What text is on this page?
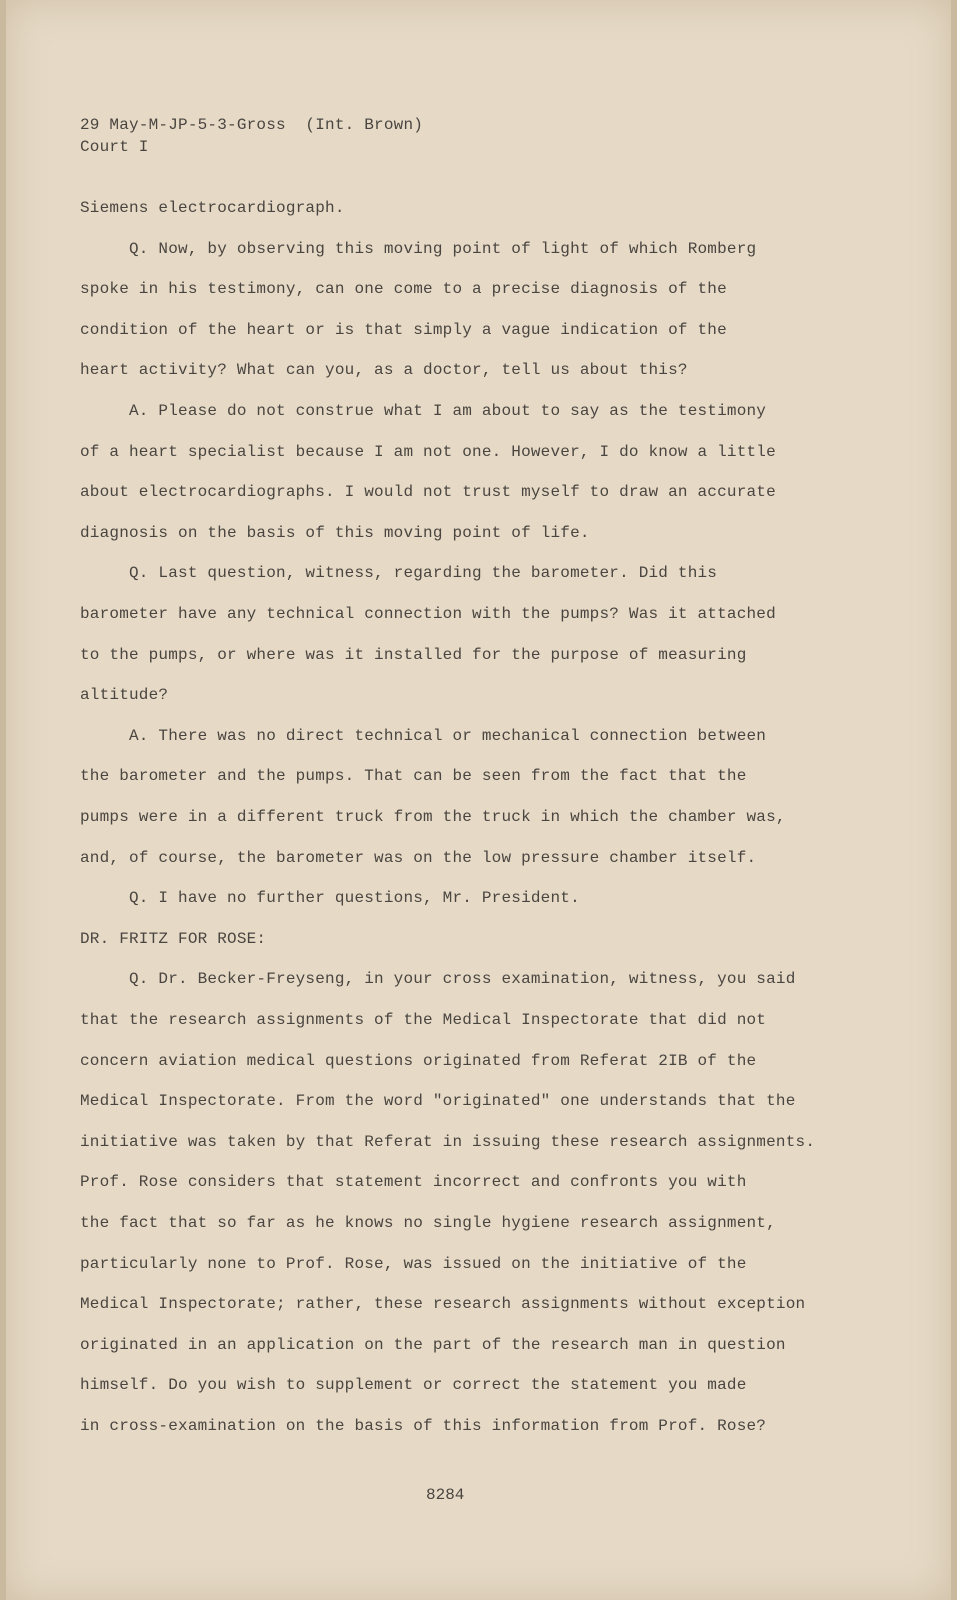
29 May-M-JP-5-3-Gross  (Int. Brown)
Court I
Siemens electrocardiograph.
Q. Now, by observing this moving point of light of which Romberg
spoke in his testimony, can one come to a precise diagnosis of the
condition of the heart or is that simply a vague indication of the
heart activity? What can you, as a doctor, tell us about this?
A. Please do not construe what I am about to say as the testimony
of a heart specialist because I am not one. However, I do know a little
about electrocardiographs. I would not trust myself to draw an accurate
diagnosis on the basis of this moving point of life.
Q. Last question, witness, regarding the barometer. Did this
barometer have any technical connection with the pumps? Was it attached
to the pumps, or where was it installed for the purpose of measuring
altitude?
A. There was no direct technical or mechanical connection between
the barometer and the pumps. That can be seen from the fact that the
pumps were in a different truck from the truck in which the chamber was,
and, of course, the barometer was on the low pressure chamber itself.
Q. I have no further questions, Mr. President.
DR. FRITZ FOR ROSE:
Q. Dr. Becker-Freyseng, in your cross examination, witness, you said
that the research assignments of the Medical Inspectorate that did not
concern aviation medical questions originated from Referat 2IB of the
Medical Inspectorate. From the word "originated" one understands that the
initiative was taken by that Referat in issuing these research assignments.
Prof. Rose considers that statement incorrect and confronts you with
the fact that so far as he knows no single hygiene research assignment,
particularly none to Prof. Rose, was issued on the initiative of the
Medical Inspectorate; rather, these research assignments without exception
originated in an application on the part of the research man in question
himself. Do you wish to supplement or correct the statement you made
in cross-examination on the basis of this information from Prof. Rose?
8284
